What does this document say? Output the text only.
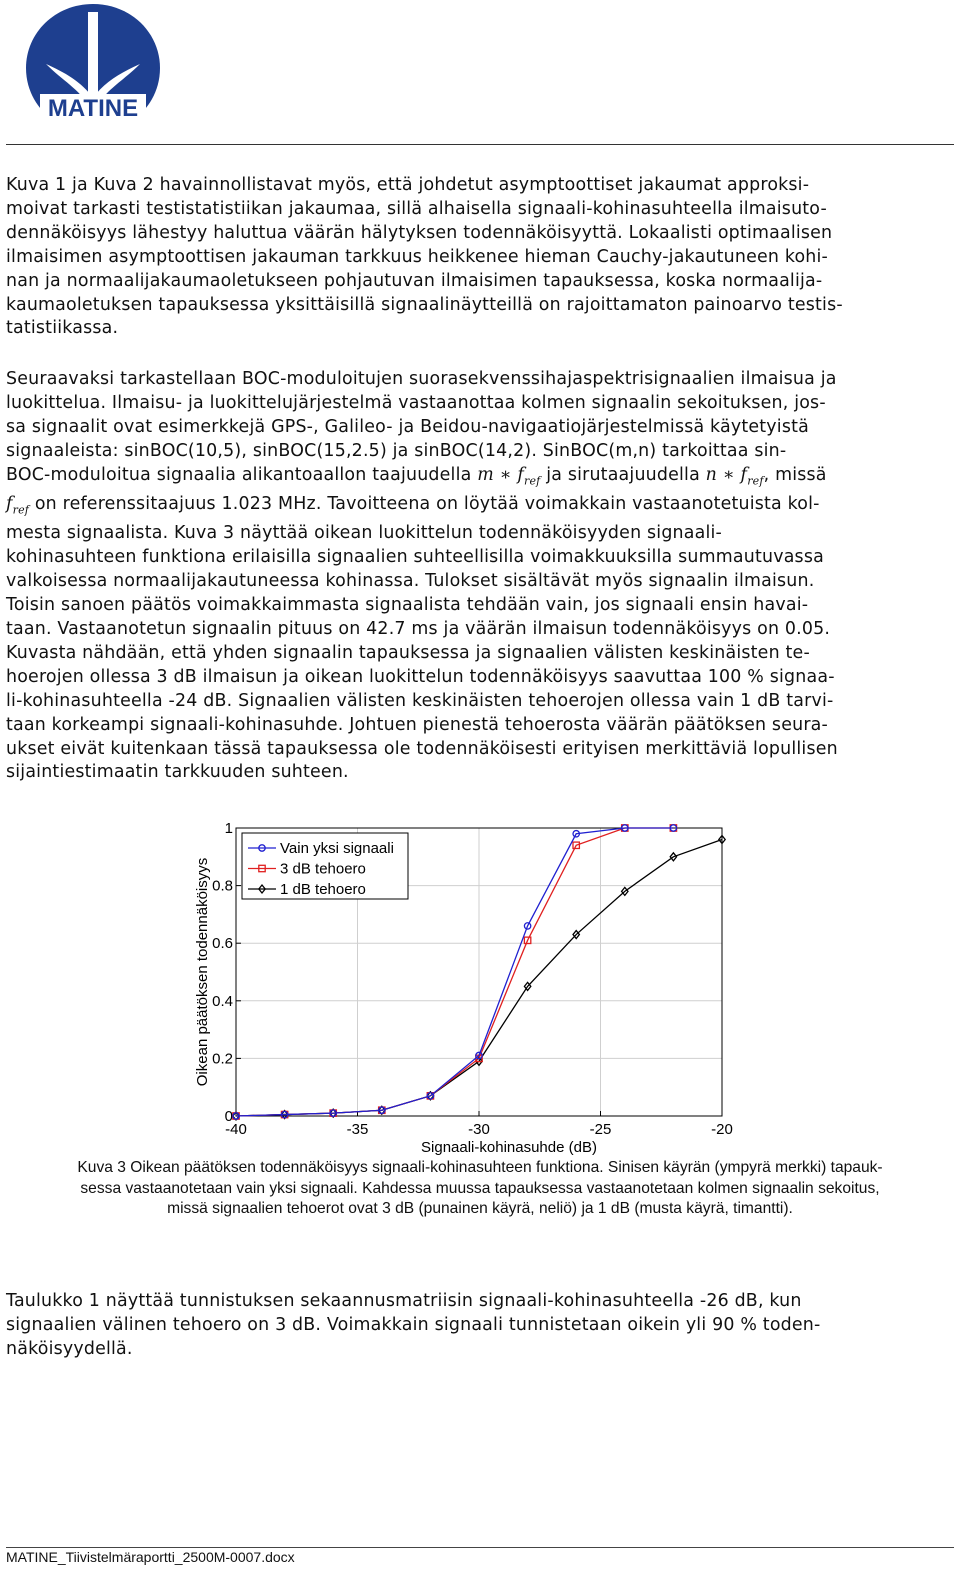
MATINE
Kuva 1 ja Kuva 2 havainnollistavat myös, että johdetut asymptoottiset jakaumat approksi-
moivat tarkasti testistatistiikan jakaumaa, sillä alhaisella signaali-kohinasuhteella ilmaisuto-
dennäköisyys lähestyy haluttua väärän hälytyksen todennäköisyyttä. Lokaalisti optimaalisen
ilmaisimen asymptoottisen jakauman tarkkuus heikkenee hieman Cauchy-jakautuneen kohi-
nan ja normaalijakaumaoletukseen pohjautuvan ilmaisimen tapauksessa, koska normaalija-
kaumaoletuksen tapauksessa yksittäisillä signaalinäytteillä on rajoittamaton painoarvo testis-
tatistiikassa.
Seuraavaksi tarkastellaan BOC-moduloitujen suorasekvenssihajaspektrisignaalien ilmaisua ja
luokittelua. Ilmaisu- ja luokittelujärjestelmä vastaanottaa kolmen signaalin sekoituksen, jos-
sa signaalit ovat esimerkkejä GPS-, Galileo- ja Beidou-navigaatiojärjestelmissä käytetyistä
signaaleista: sinBOC(10,5), sinBOC(15,2.5) ja sinBOC(14,2). SinBOC(m,n) tarkoittaa sin-
BOC-moduloitua signaalia alikantoaallon taajuudella m ∗ $f_{ref}$ ja sirutaajuudella n ∗ $f_{ref}$, missä
$f_{ref}$ on referenssitaajuus 1.023 MHz. Tavoitteena on löytää voimakkain vastaanotetuista kol-
mesta signaalista. Kuva 3 näyttää oikean luokittelun todennäköisyyden signaali-
kohinasuhteen funktiona erilaisilla signaalien suhteellisilla voimakkuuksilla summautuvassa
valkoisessa normaalijakautuneessa kohinassa. Tulokset sisältävät myös signaalin ilmaisun.
Toisin sanoen päätös voimakkaimmasta signaalista tehdään vain, jos signaali ensin havai-
taan. Vastaanotetun signaalin pituus on 42.7 ms ja väärän ilmaisun todennäköisyys on 0.05.
Kuvasta nähdään, että yhden signaalin tapauksessa ja signaalien välisten keskinäisten te-
hoerojen ollessa 3 dB ilmaisun ja oikean luokittelun todennäköisyys saavuttaa 100 % signaa-
li-kohinasuhteella -24 dB. Signaalien välisten keskinäisten tehoerojen ollessa vain 1 dB tarvi-
taan korkeampi signaali-kohinasuhde. Johtuen pienestä tehoerosta väärän päätöksen seura-
ukset eivät kuitenkaan tässä tapauksessa ole todennäköisesti erityisen merkittäviä lopullisen
sijaintiestimaatin tarkkuuden suhteen.
-40	-35	-30	-25	-20
0
0.2
0.4
0.6
0.8
1
Signaali-kohinasuhde (dB)
Oikean päätöksen todennäköisyys
Vain yksi signaali
3 dB tehoero
1 dB tehoero
Kuva 3 Oikean päätöksen todennäköisyys signaali-kohinasuhteen funktiona. Sinisen käyrän (ympyrä merkki) tapauk-
sessa vastaanotetaan vain yksi signaali. Kahdessa muussa tapauksessa vastaanotetaan kolmen signaalin sekoitus,
missä signaalien tehoerot ovat 3 dB (punainen käyrä, neliö) ja 1 dB (musta käyrä, timantti).
Taulukko 1 näyttää tunnistuksen sekaannusmatriisin signaali-kohinasuhteella -26 dB, kun
signaalien välinen tehoero on 3 dB. Voimakkain signaali tunnistetaan oikein yli 90 % toden-
näköisyydellä.
MATINE_Tiivistelmäraportti_2500M-0007.docx
